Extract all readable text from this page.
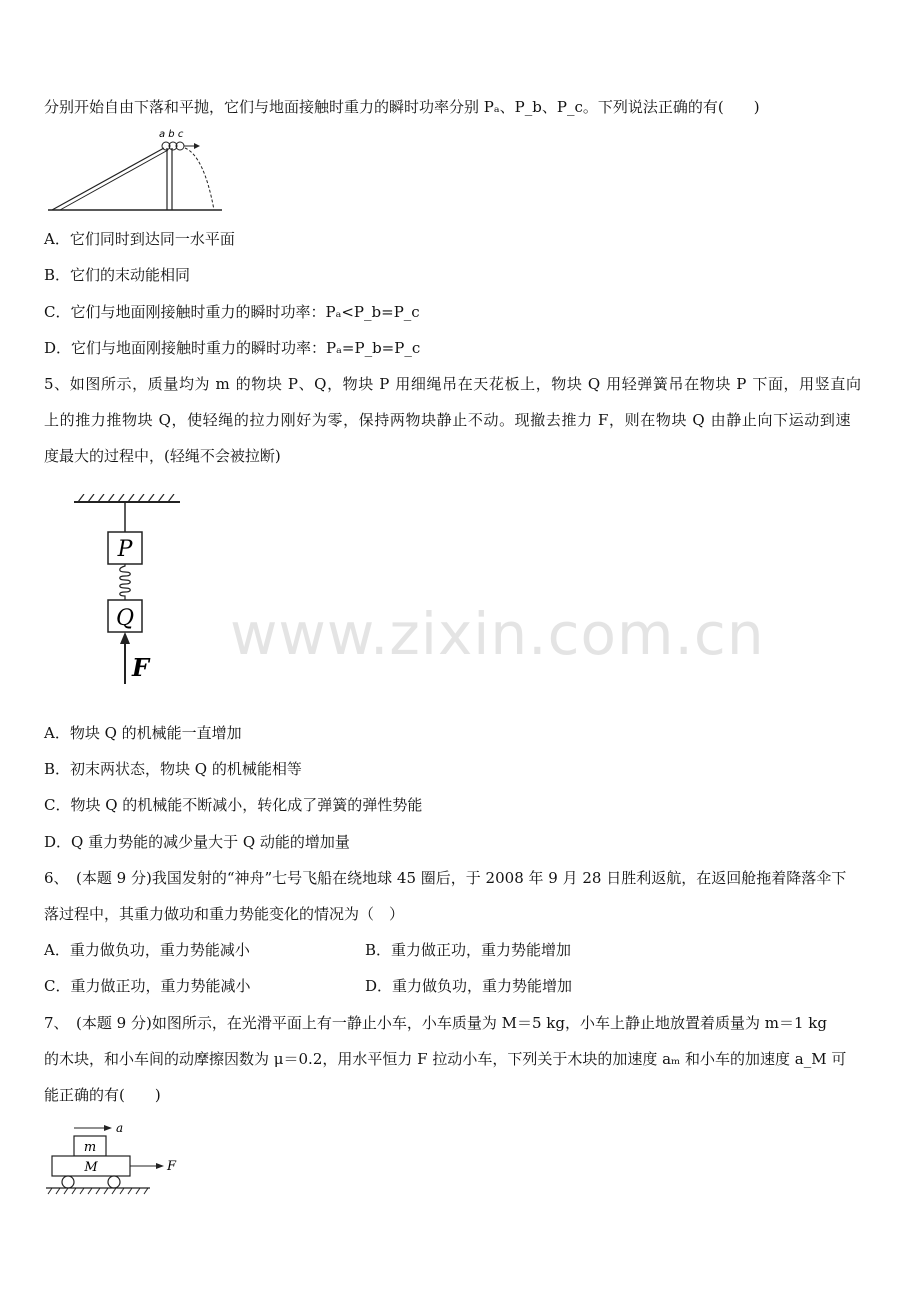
分别开始自由下落和平抛，它们与地面接触时重力的瞬时功率分别 Pₐ、P_b、P_c。下列说法正确的有(　　)
a b c
A．它们同时到达同一水平面
B．它们的末动能相同
C．它们与地面刚接触时重力的瞬时功率：Pₐ<P_b=P_c
D．它们与地面刚接触时重力的瞬时功率：Pₐ=P_b=P_c
5、如图所示，质量均为 m 的物块 P、Q，物块 P 用细绳吊在天花板上，物块 Q 用轻弹簧吊在物块 P 下面，用竖直向
上的推力推物块 Q，使轻绳的拉力刚好为零，保持两物块静止不动。现撤去推力 F，则在物块 Q 由静止向下运动到速
度最大的过程中，(轻绳不会被拉断)
P
Q
F www.zixin.com.cn
A．物块 Q 的机械能一直增加
B．初末两状态，物块 Q 的机械能相等
C．物块 Q 的机械能不断减小，转化成了弹簧的弹性势能
D．Q 重力势能的减少量大于 Q 动能的增加量
6、　(本题 9 分)我国发射的“神舟”七号飞船在绕地球 45 圈后，于 2008 年 9 月 28 日胜利返航，在返回舱拖着降落伞下
落过程中，其重力做功和重力势能变化的情况为（　）
A．重力做负功，重力势能减小	B．重力做正功，重力势能增加
C．重力做正功，重力势能减小	D．重力做负功，重力势能增加
7、　(本题 9 分)如图所示，在光滑平面上有一静止小车，小车质量为 M＝5 kg，小车上静止地放置着质量为 m＝1 kg
的木块，和小车间的动摩擦因数为 μ＝0.2，用水平恒力 F 拉动小车，下列关于木块的加速度 aₘ 和小车的加速度 a_M 可
能正确的有(　　)
a
m
M	F
